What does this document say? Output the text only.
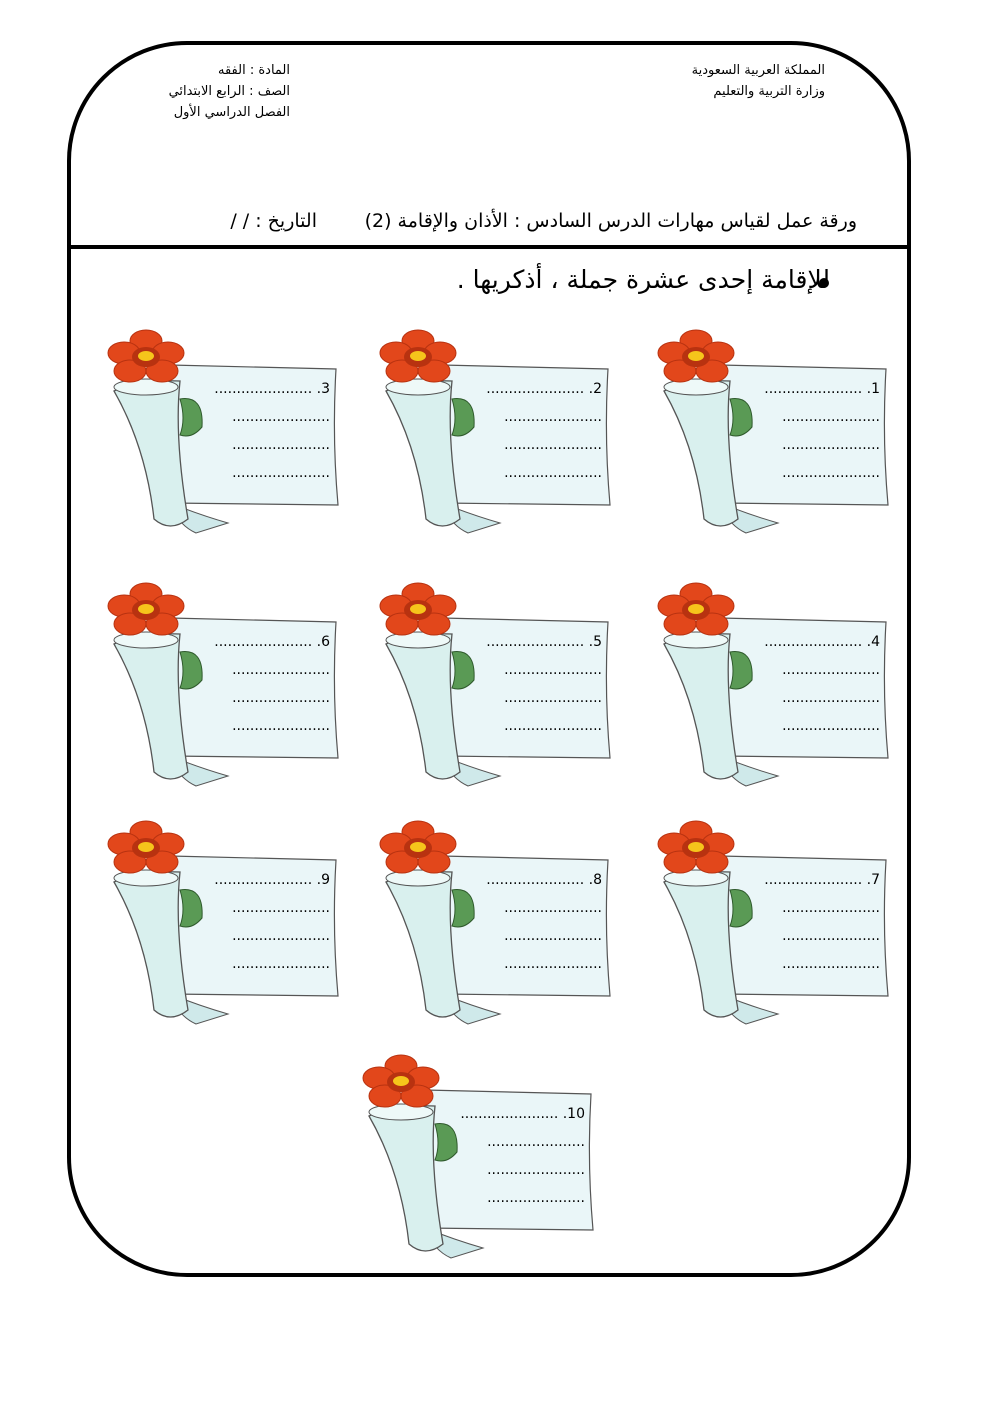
المملكة العربية السعودية
وزارة التربية والتعليم
المادة : الفقه
الصف : الرابع الابتدائي
الفصل الدراسي الأول
ورقة عمل لقياس مهارات الدرس السادس : الأذان والإقامة (2)
التاريخ : / /
للإقامة إحدى عشرة جملة ، أذكريها .
1. ......................
......................
......................
......................
2. ......................
......................
......................
......................
3. ......................
......................
......................
......................
4. ......................
......................
......................
......................
5. ......................
......................
......................
......................
6. ......................
......................
......................
......................
7. ......................
......................
......................
......................
8. ......................
......................
......................
......................
9. ......................
......................
......................
......................
10. ......................
......................
......................
......................
